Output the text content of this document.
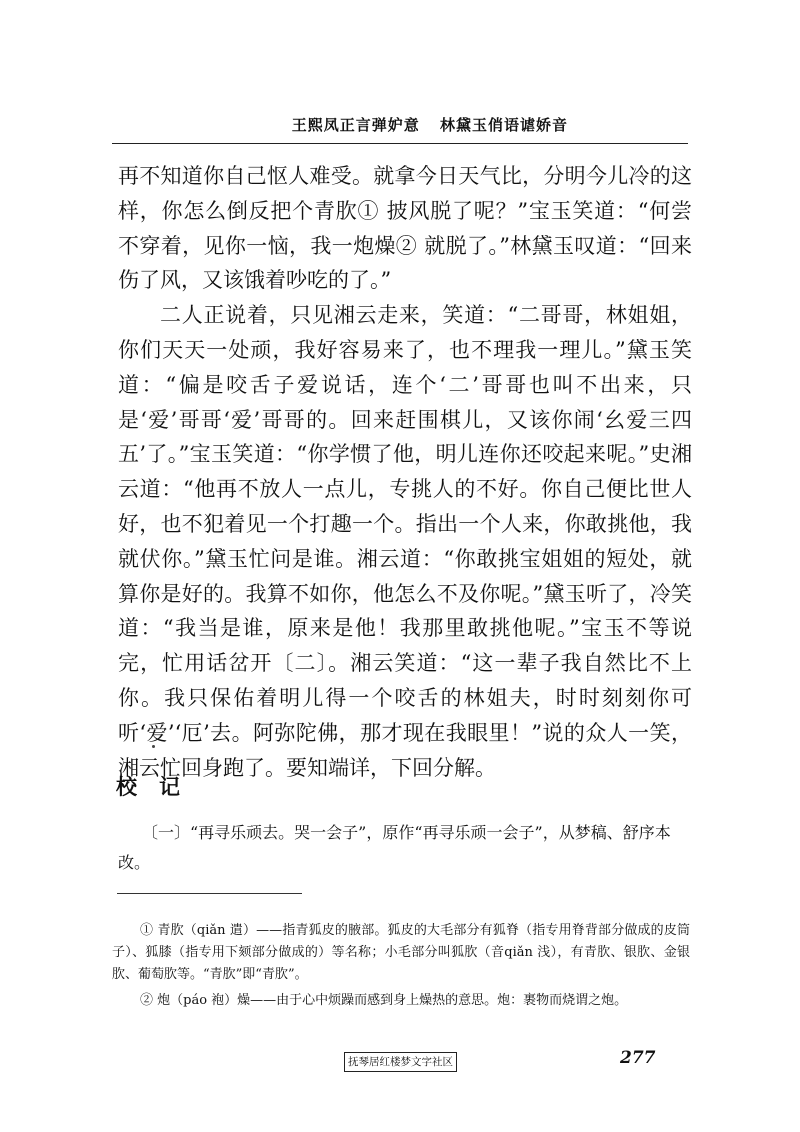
王熙凤正言弹妒意 林黛玉俏语谑娇音

再不知道你自己怄人难受。就拿今日天气比，分明今儿冷的这样，你怎么倒反把个青肷① 披风脱了呢？”宝玉笑道：“何尝不穿着，见你一恼，我一炮燥② 就脱了。”林黛玉叹道：“回来伤了风，又该饿着吵吃的了。”

二人正说着，只见湘云走来，笑道：“二哥哥，林姐姐，你们天天一处顽，我好容易来了，也不理我一理儿。”黛玉笑道：“偏是咬舌子爱说话，连个‘二’哥哥也叫不出来，只是‘爱’哥哥‘爱’哥哥的。回来赶围棋儿，又该你闹‘幺爱三四五’了。”宝玉笑道：“你学惯了他，明儿连你还咬起来呢。”史湘云道：“他再不放人一点儿，专挑人的不好。你自己便比世人好，也不犯着见一个打趣一个。指出一个人来，你敢挑他，我就伏你。”黛玉忙问是谁。湘云道：“你敢挑宝姐姐的短处，就算你是好的。我算不如你，他怎么不及你呢。”黛玉听了，冷笑道：“我当是谁，原来是他！我那里敢挑他呢。”宝玉不等说完，忙用话岔开〔二〕。湘云笑道：“这一辈子我自然比不上你。我只保佑着明儿得一个咬舌的林姐夫，时时刻刻你可听‘爱’‘厄’去。阿弥陀佛，那才现在我眼里！”说的众人一笑，湘云忙回身跑了。要知端详，下回分解。

校记
〔一〕“再寻乐顽去。哭一会子”，原作“再寻乐顽一会子”，从梦稿、舒序本改。

① 青肷（qiǎn 遣）——指青狐皮的腋部。狐皮的大毛部分有狐脊（指专用脊背部分做成的皮筒子）、狐膝（指专用下颏部分做成的）等名称；小毛部分叫狐肷（音qiǎn 浅），有青肷、银肷、金银肷、葡萄肷等。“青肷”即“青肷”。

② 炮（páo 袍）燥——由于心中烦躁而感到身上燥热的意思。炮：裹物而烧谓之炮。

抚琴居红楼梦文字社区	277
